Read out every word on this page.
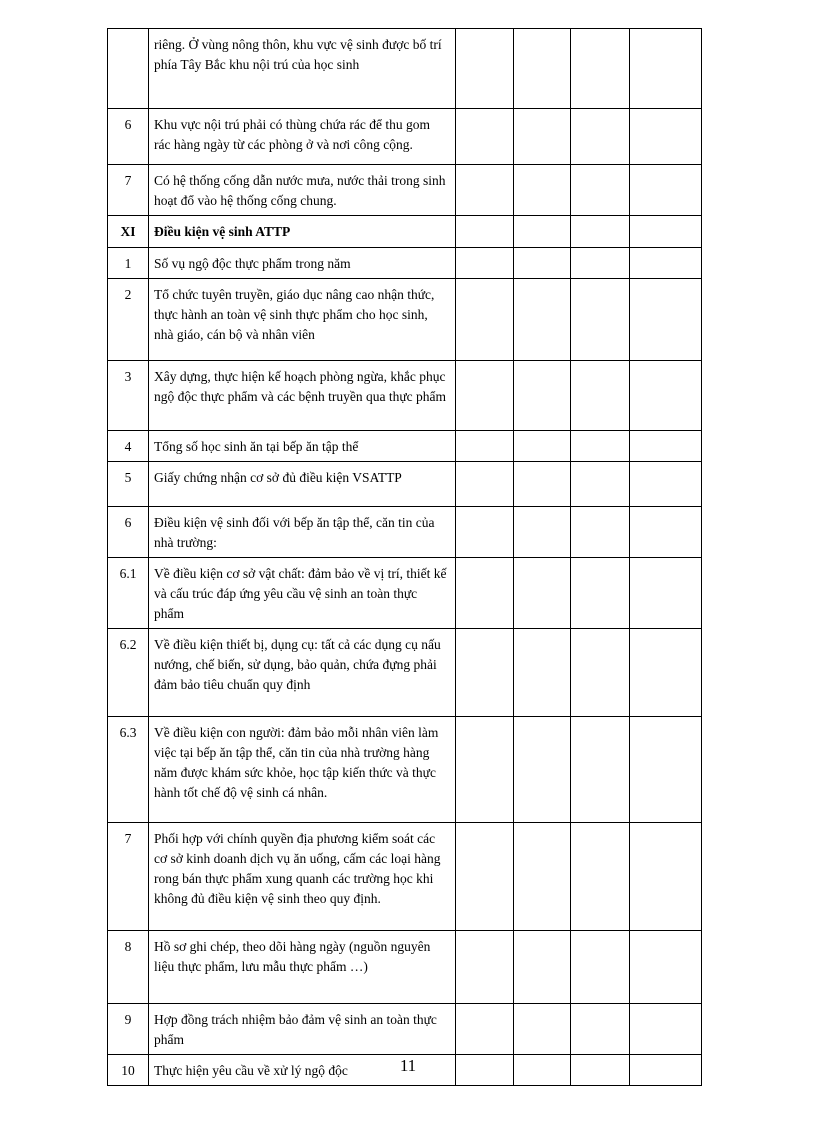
	riêng. Ở vùng nông thôn, khu vực vệ sinh được bố trí phía Tây Bắc khu nội trú của học sinh				
6	Khu vực nội trú phải có thùng chứa rác để thu gom rác hàng ngày từ các phòng ở và nơi công cộng.				
7	Có hệ thống cống dẫn nước mưa, nước thải trong sinh hoạt đổ vào hệ thống cống chung.				
XI	Điều kiện vệ sinh ATTP				
1	Số vụ ngộ độc thực phẩm trong năm				
2	Tổ chức tuyên truyền, giáo dục nâng cao nhận thức, thực hành an toàn vệ sinh thực phẩm cho học sinh, nhà giáo, cán bộ và nhân viên				
3	Xây dựng, thực hiện kế hoạch phòng ngừa, khắc phục ngộ độc thực phẩm và các bệnh truyền qua thực phẩm				
4	Tổng số học sinh ăn tại bếp ăn tập thể				
5	Giấy chứng nhận cơ sở đủ điều kiện VSATTP				
6	Điều kiện vệ sinh đối với bếp ăn tập thể, căn tin của nhà trường:				
6.1	Về điều kiện cơ sở vật chất: đảm bảo về vị trí, thiết kế và cấu trúc đáp ứng yêu cầu vệ sinh an toàn thực phẩm				
6.2	Về điều kiện thiết bị, dụng cụ: tất cả các dụng cụ nấu nướng, chế biến, sử dụng, bảo quản, chứa đựng phải đảm bảo tiêu chuẩn quy định				
6.3	Về điều kiện con người: đảm bảo mỗi nhân viên làm việc tại bếp ăn tập thể, căn tin của nhà trường hàng năm được khám sức khỏe, học tập kiến thức và thực hành tốt chế độ vệ sinh cá nhân.				
7	Phối hợp với chính quyền địa phương kiểm soát các cơ sở kinh doanh dịch vụ ăn uống, cấm các loại hàng rong bán thực phẩm xung quanh các trường học khi không đủ điều kiện vệ sinh theo quy định.				
8	Hồ sơ ghi chép, theo dõi hàng ngày (nguồn nguyên liệu thực phẩm, lưu mẫu thực phẩm …)				
9	Hợp đồng trách nhiệm bảo đảm vệ sinh an toàn thực phẩm				
10	Thực hiện yêu cầu về xử lý ngộ độc					11
